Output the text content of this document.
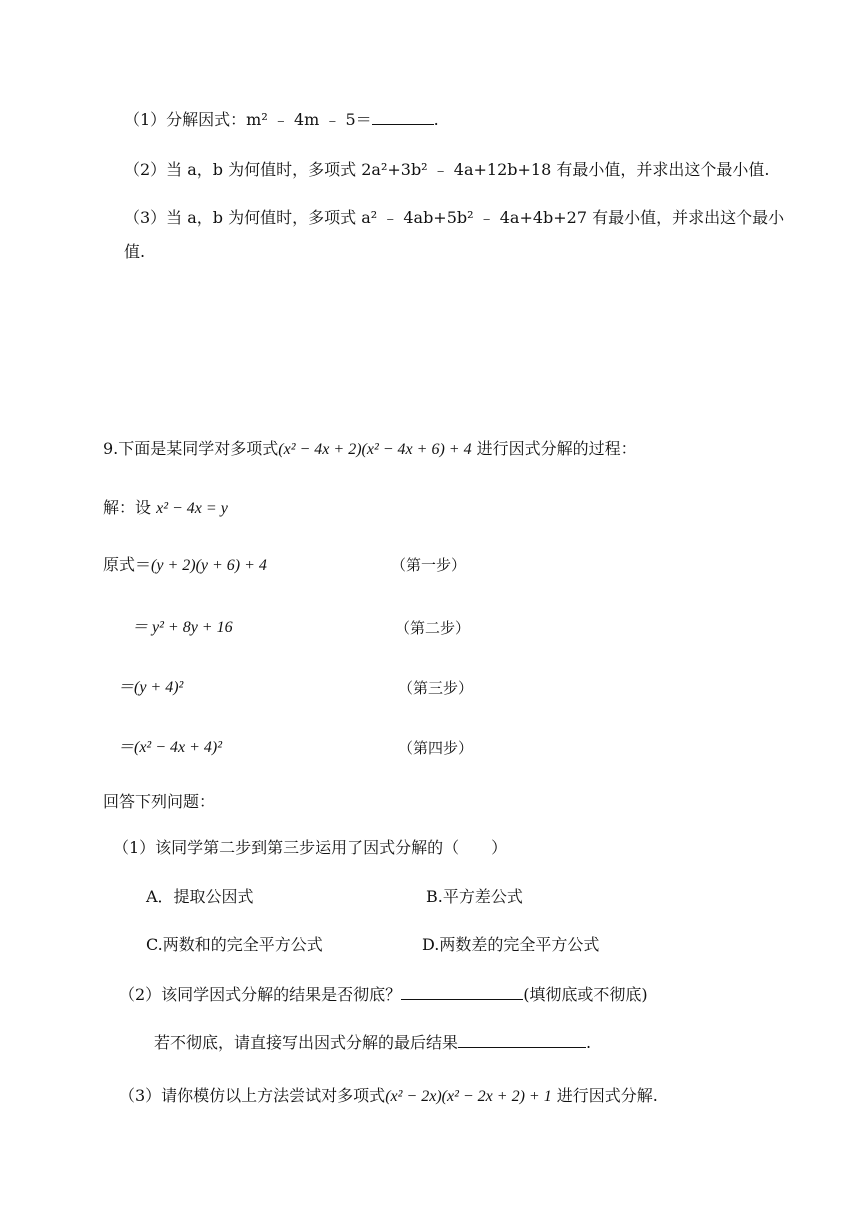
（1）分解因式：m² ﹣ 4m ﹣ 5＝	.
（2）当 a，b 为何值时，多项式 2a²+3b² ﹣ 4a+12b+18 有最小值，并求出这个最小值.
（3）当 a，b 为何值时，多项式 a² ﹣ 4ab+5b² ﹣ 4a+4b+27 有最小值，并求出这个最小
值.
9.下面是某同学对多项式(x² − 4x + 2)(x² − 4x + 6) + 4 进行因式分解的过程：
解：设 x² − 4x = y
原式＝(y + 2)(y + 6) + 4	（第一步）
＝ y² + 8y + 16	（第二步）
＝(y + 4)²	（第三步）
＝(x² − 4x + 4)²	（第四步）
回答下列问题：
（1）该同学第二步到第三步运用了因式分解的（　　）
A．提取公因式	B.平方差公式
C.两数和的完全平方公式	D.两数差的完全平方公式
（2）该同学因式分解的结果是否彻底？	(填彻底或不彻底)
若不彻底，请直接写出因式分解的最后结果	.
（3）请你模仿以上方法尝试对多项式(x² − 2x)(x² − 2x + 2) + 1 进行因式分解.
